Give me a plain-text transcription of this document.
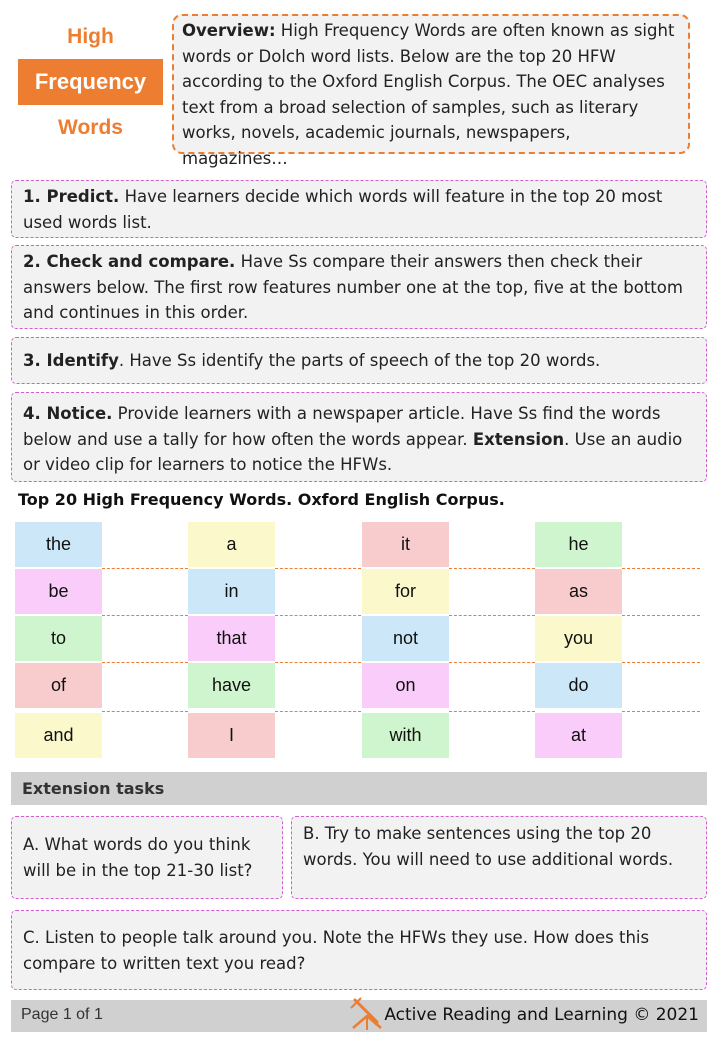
High
Frequency
Words
Overview: High Frequency Words are often known as sight words or Dolch word lists. Below are the top 20 HFW according to the Oxford English Corpus. The OEC analyses text from a broad selection of samples, such as literary works, novels, academic journals, newspapers, magazines…
1. Predict. Have learners decide which words will feature in the top 20 most used words list.
2. Check and compare. Have Ss compare their answers then check their answers below. The first row features number one at the top, five at the bottom and continues in this order.
3. Identify. Have Ss identify the parts of speech of the top 20 words.
4. Notice. Provide learners with a newspaper article. Have Ss find the words below and use a tally for how often the words appear. Extension. Use an audio or video clip for learners to notice the HFWs.
Top 20 High Frequency Words. Oxford English Corpus.
the
be
to
of
and
a
in
that
have
I
it
for
not
on
with
he
as
you
do
at
Extension tasks
A. What words do you think will be in the top 21-30 list?
B. Try to make sentences using the top 20 words. You will need to use additional words.
C. Listen to people talk around you. Note the HFWs they use. How does this compare to written text you read?
Page 1 of 1	Active Reading and Learning © 2021
